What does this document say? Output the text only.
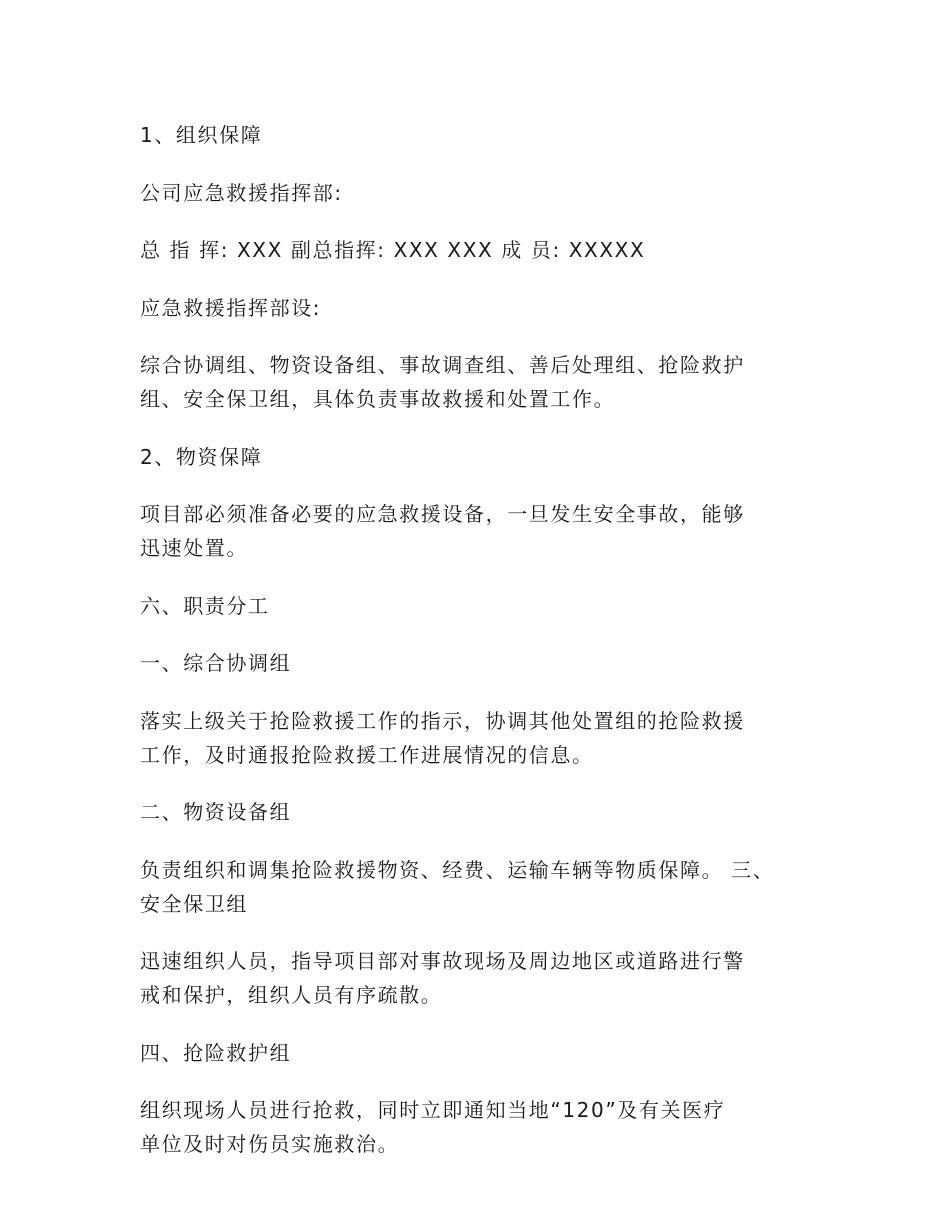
1、组织保障

公司应急救援指挥部:

总 指 挥: XXX 副总指挥: XXX XXX 成 员: XXXXX

应急救援指挥部设:

综合协调组、物资设备组、事故调查组、善后处理组、抢险救护
组、安全保卫组，具体负责事故救援和处置工作。

2、物资保障

项目部必须准备必要的应急救援设备，一旦发生安全事故，能够
迅速处置。

六、职责分工

一、综合协调组

落实上级关于抢险救援工作的指示，协调其他处置组的抢险救援
工作，及时通报抢险救援工作进展情况的信息。

二、物资设备组

负责组织和调集抢险救援物资、经费、运输车辆等物质保障。 三、
安全保卫组

迅速组织人员，指导项目部对事故现场及周边地区或道路进行警
戒和保护，组织人员有序疏散。

四、抢险救护组

组织现场人员进行抢救，同时立即通知当地“120”及有关医疗
单位及时对伤员实施救治。
